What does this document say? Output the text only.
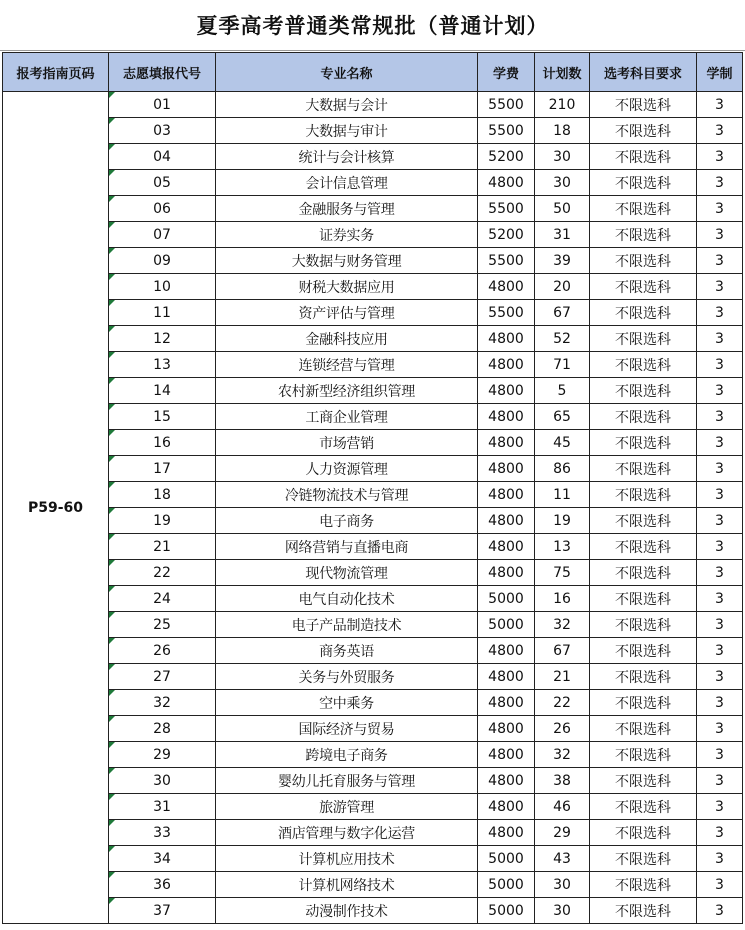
夏季高考普通类常规批（普通计划）
报考指南页码	志愿填报代号	专业名称	学费	计划数	选考科目要求	学制
P59-60	01	大数据与会计	5500	210	不限选科	3
	03	大数据与审计	5500	18	不限选科	3
	04	统计与会计核算	5200	30	不限选科	3
	05	会计信息管理	4800	30	不限选科	3
	06	金融服务与管理	5500	50	不限选科	3
	07	证券实务	5200	31	不限选科	3
	09	大数据与财务管理	5500	39	不限选科	3
	10	财税大数据应用	4800	20	不限选科	3
	11	资产评估与管理	5500	67	不限选科	3
	12	金融科技应用	4800	52	不限选科	3
	13	连锁经营与管理	4800	71	不限选科	3
	14	农村新型经济组织管理	4800	5	不限选科	3
	15	工商企业管理	4800	65	不限选科	3
	16	市场营销	4800	45	不限选科	3
	17	人力资源管理	4800	86	不限选科	3
	18	冷链物流技术与管理	4800	11	不限选科	3
	19	电子商务	4800	19	不限选科	3
	21	网络营销与直播电商	4800	13	不限选科	3
	22	现代物流管理	4800	75	不限选科	3
	24	电气自动化技术	5000	16	不限选科	3
	25	电子产品制造技术	5000	32	不限选科	3
	26	商务英语	4800	67	不限选科	3
	27	关务与外贸服务	4800	21	不限选科	3
	32	空中乘务	4800	22	不限选科	3
	28	国际经济与贸易	4800	26	不限选科	3
	29	跨境电子商务	4800	32	不限选科	3
	30	婴幼儿托育服务与管理	4800	38	不限选科	3
	31	旅游管理	4800	46	不限选科	3
	33	酒店管理与数字化运营	4800	29	不限选科	3
	34	计算机应用技术	5000	43	不限选科	3
	36	计算机网络技术	5000	30	不限选科	3
	37	动漫制作技术	5000	30	不限选科	3
